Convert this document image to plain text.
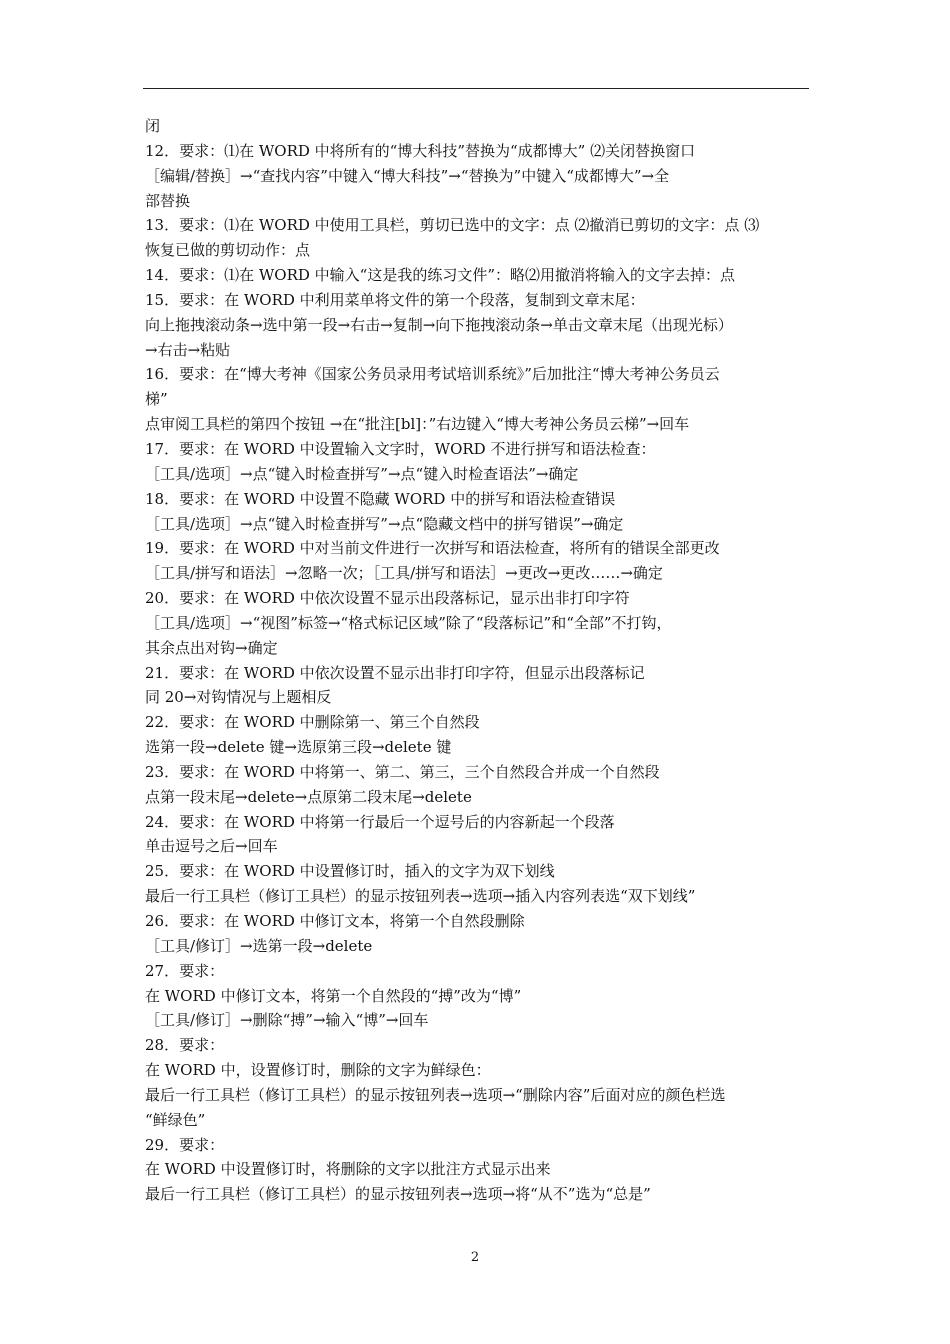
闭
12．要求：⑴在 WORD 中将所有的“博大科技”替换为“成都博大” ⑵关闭替换窗口
［编辑/替换］→“查找内容”中键入“博大科技”→“替换为”中键入“成都博大”→全
部替换
13．要求：⑴在 WORD 中使用工具栏，剪切已选中的文字：点 ⑵撤消已剪切的文字：点 ⑶
恢复已做的剪切动作：点
14．要求：⑴在 WORD 中输入“这是我的练习文件”：略⑵用撤消将输入的文字去掉：点
15．要求：在 WORD 中利用菜单将文件的第一个段落，复制到文章末尾：
向上拖拽滚动条→选中第一段→右击→复制→向下拖拽滚动条→单击文章末尾（出现光标）
→右击→粘贴
16．要求：在“博大考神《国家公务员录用考试培训系统》”后加批注“博大考神公务员云
梯”
点审阅工具栏的第四个按钮 →在“批注[bl]：”右边键入“博大考神公务员云梯”→回车
17．要求：在 WORD 中设置输入文字时，WORD 不进行拼写和语法检查：
［工具/选项］→点“键入时检查拼写”→点“键入时检查语法”→确定
18．要求：在 WORD 中设置不隐藏 WORD 中的拼写和语法检查错误
［工具/选项］→点“键入时检查拼写”→点“隐藏文档中的拼写错误”→确定
19．要求：在 WORD 中对当前文件进行一次拼写和语法检查，将所有的错误全部更改
［工具/拼写和语法］→忽略一次；［工具/拼写和语法］→更改→更改……→确定
20．要求：在 WORD 中依次设置不显示出段落标记，显示出非打印字符
［工具/选项］→“视图”标签→“格式标记区域”除了“段落标记”和“全部”不打钩，
其余点出对钩→确定
21．要求：在 WORD 中依次设置不显示出非打印字符，但显示出段落标记
同 20→对钩情况与上题相反
22．要求：在 WORD 中删除第一、第三个自然段
选第一段→delete 键→选原第三段→delete 键
23．要求：在 WORD 中将第一、第二、第三，三个自然段合并成一个自然段
点第一段末尾→delete→点原第二段末尾→delete
24．要求：在 WORD 中将第一行最后一个逗号后的内容新起一个段落
单击逗号之后→回车
25．要求：在 WORD 中设置修订时，插入的文字为双下划线
最后一行工具栏（修订工具栏）的显示按钮列表→选项→插入内容列表选“双下划线”
26．要求：在 WORD 中修订文本，将第一个自然段删除
［工具/修订］→选第一段→delete
27．要求：
在 WORD 中修订文本，将第一个自然段的“搏”改为“博”
［工具/修订］→删除“搏”→输入“博”→回车
28．要求：
在 WORD 中，设置修订时，删除的文字为鲜绿色：
最后一行工具栏（修订工具栏）的显示按钮列表→选项→“删除内容”后面对应的颜色栏选
“鲜绿色”
29．要求：
在 WORD 中设置修订时，将删除的文字以批注方式显示出来
最后一行工具栏（修订工具栏）的显示按钮列表→选项→将“从不”选为“总是”
2
